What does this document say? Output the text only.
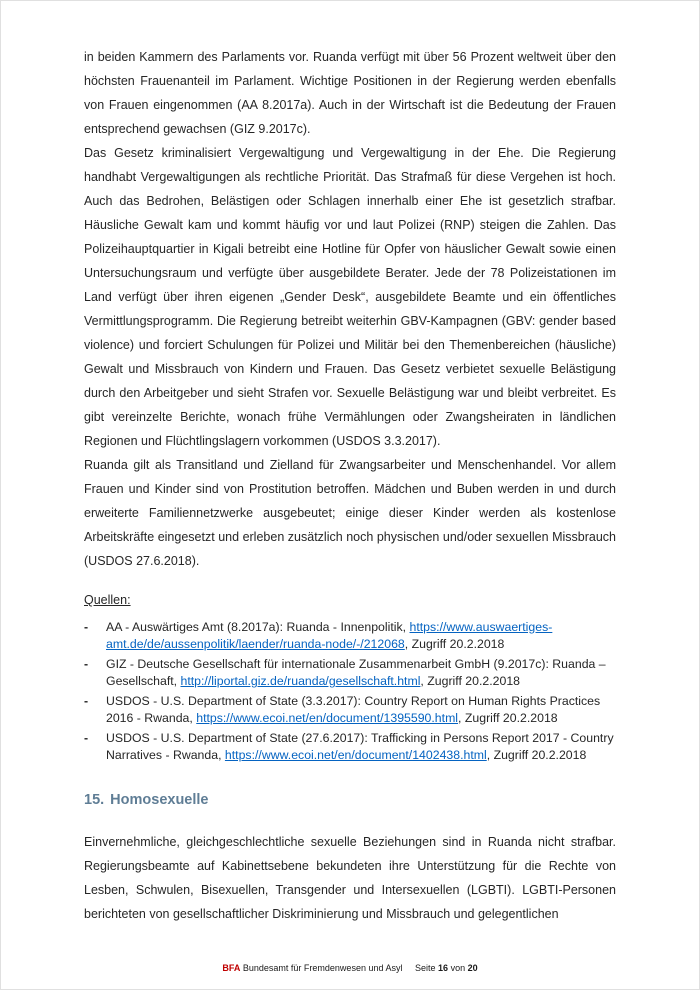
in beiden Kammern des Parlaments vor. Ruanda verfügt mit über 56 Prozent weltweit über den höchsten Frauenanteil im Parlament. Wichtige Positionen in der Regierung werden ebenfalls von Frauen eingenommen (AA 8.2017a). Auch in der Wirtschaft ist die Bedeutung der Frauen entsprechend gewachsen (GIZ 9.2017c).

Das Gesetz kriminalisiert Vergewaltigung und Vergewaltigung in der Ehe. Die Regierung handhabt Vergewaltigungen als rechtliche Priorität. Das Strafmaß für diese Vergehen ist hoch. Auch das Bedrohen, Belästigen oder Schlagen innerhalb einer Ehe ist gesetzlich strafbar. Häusliche Gewalt kam und kommt häufig vor und laut Polizei (RNP) steigen die Zahlen. Das Polizeihauptquartier in Kigali betreibt eine Hotline für Opfer von häuslicher Gewalt sowie einen Untersuchungsraum und verfügte über ausgebildete Berater. Jede der 78 Polizeistationen im Land verfügt über ihren eigenen „Gender Desk“, ausgebildete Beamte und ein öffentliches Vermittlungsprogramm. Die Regierung betreibt weiterhin GBV-Kampagnen (GBV: gender based violence) und forciert Schulungen für Polizei und Militär bei den Themenbereichen (häusliche) Gewalt und Missbrauch von Kindern und Frauen. Das Gesetz verbietet sexuelle Belästigung durch den Arbeitgeber und sieht Strafen vor. Sexuelle Belästigung war und bleibt verbreitet. Es gibt vereinzelte Berichte, wonach frühe Vermählungen oder Zwangsheiraten in ländlichen Regionen und Flüchtlingslagern vorkommen (USDOS 3.3.2017).

Ruanda gilt als Transitland und Zielland für Zwangsarbeiter und Menschenhandel. Vor allem Frauen und Kinder sind von Prostitution betroffen. Mädchen und Buben werden in und durch erweiterte Familiennetzwerke ausgebeutet; einige dieser Kinder werden als kostenlose Arbeitskräfte eingesetzt und erleben zusätzlich noch physischen und/oder sexuellen Missbrauch (USDOS 27.6.2018).

Quellen:
-	AA - Auswärtiges Amt (8.2017a): Ruanda - Innenpolitik, https://www.auswaertiges-amt.de/de/aussenpolitik/laender/ruanda-node/-/212068, Zugriff 20.2.2018
-	GIZ - Deutsche Gesellschaft für internationale Zusammenarbeit GmbH (9.2017c): Ruanda – Gesellschaft, http://liportal.giz.de/ruanda/gesellschaft.html, Zugriff 20.2.2018
-	USDOS - U.S. Department of State (3.3.2017): Country Report on Human Rights Practices 2016 - Rwanda, https://www.ecoi.net/en/document/1395590.html, Zugriff 20.2.2018
-	USDOS - U.S. Department of State (27.6.2017): Trafficking in Persons Report 2017 - Country Narratives - Rwanda, https://www.ecoi.net/en/document/1402438.html, Zugriff 20.2.2018
15. Homosexuelle

Einvernehmliche, gleichgeschlechtliche sexuelle Beziehungen sind in Ruanda nicht strafbar. Regierungsbeamte auf Kabinettsebene bekundeten ihre Unterstützung für die Rechte von Lesben, Schwulen, Bisexuellen, Transgender und Intersexuellen (LGBTI). LGBTI-Personen berichteten von gesellschaftlicher Diskriminierung und Missbrauch und gelegentlichen

BFA Bundesamt für Fremdenwesen und Asyl Seite 16 von 20
